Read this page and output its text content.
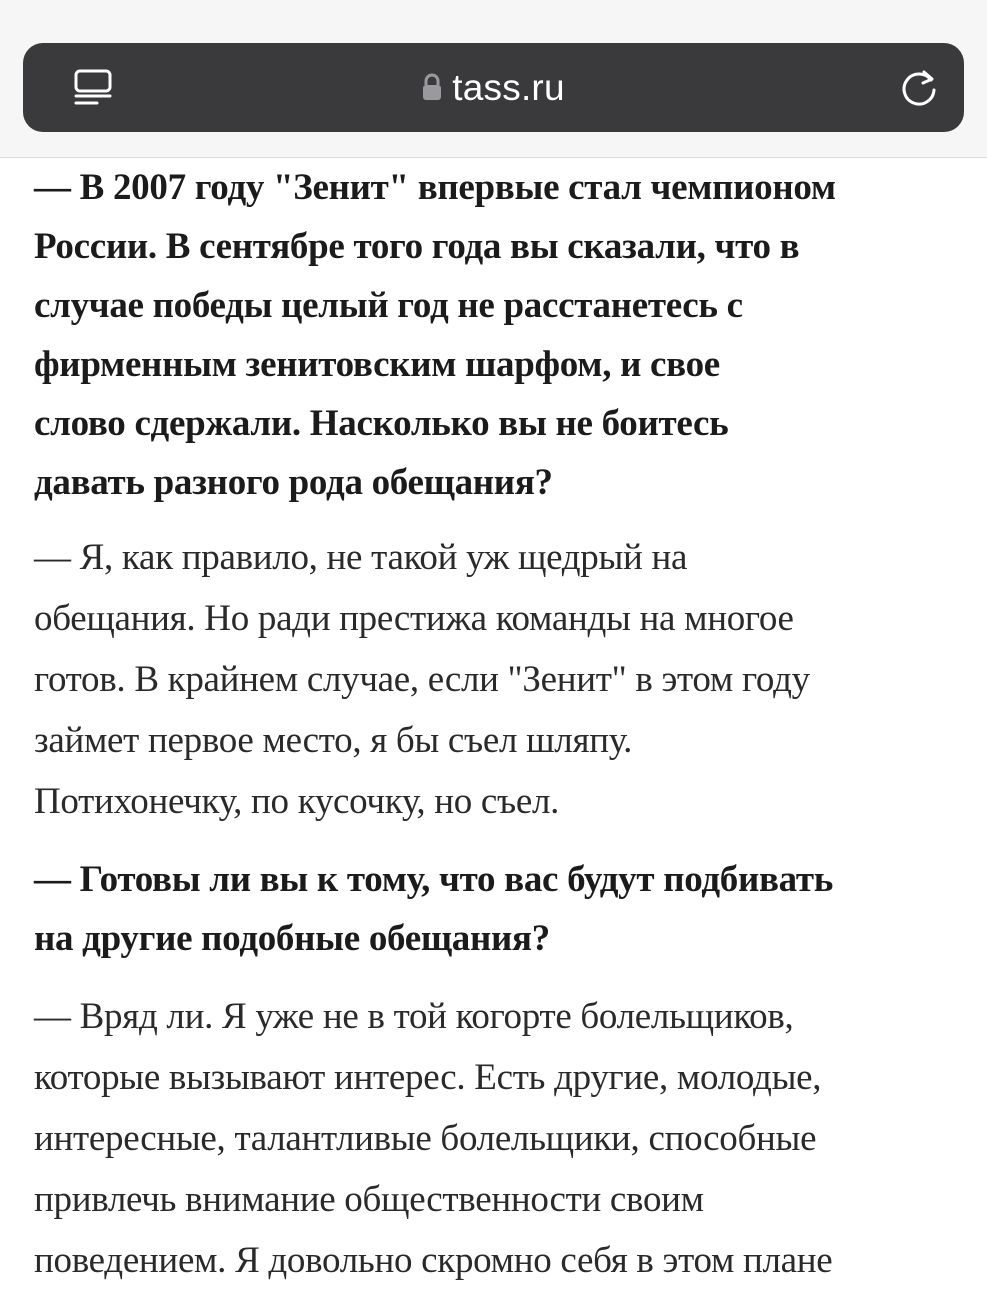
tass.ru

— В 2007 году "Зенит" впервые стал чемпионом
России. В сентябре того года вы сказали, что в
случае победы целый год не расстанетесь с
фирменным зенитовским шарфом, и свое
слово сдержали. Насколько вы не боитесь
давать разного рода обещания?

— Я, как правило, не такой уж щедрый на
обещания. Но ради престижа команды на многое
готов. В крайнем случае, если "Зенит" в этом году
займет первое место, я бы съел шляпу.
Потихонечку, по кусочку, но съел.

— Готовы ли вы к тому, что вас будут подбивать
на другие подобные обещания?

— Вряд ли. Я уже не в той когорте болельщиков,
которые вызывают интерес. Есть другие, молодые,
интересные, талантливые болельщики, способные
привлечь внимание общественности своим
поведением. Я довольно скромно себя в этом плане
